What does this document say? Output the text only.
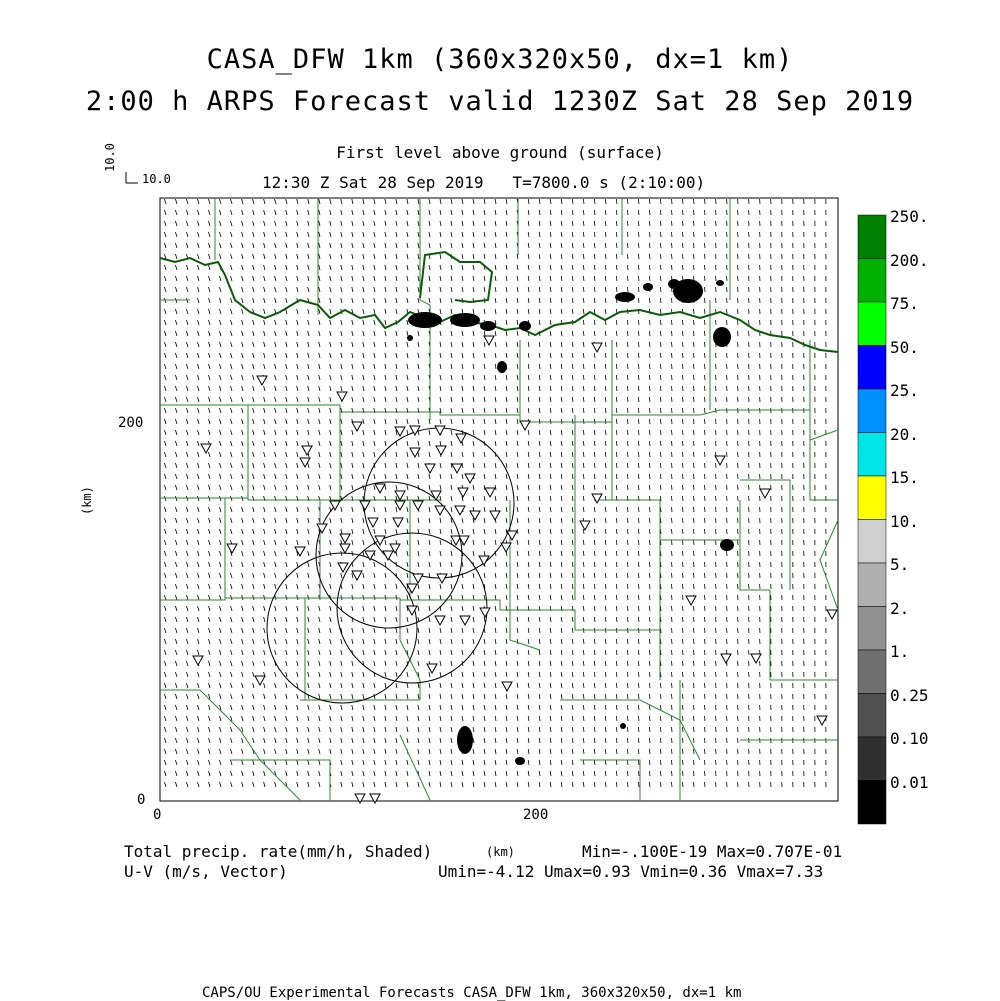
CASA_DFW 1km (360x320x50, dx=1 km)
2:00 h ARPS Forecast valid 1230Z Sat 28 Sep 2019
First level above ground (surface)
12:30 Z Sat 28 Sep 2019 T=7800.0 s (2:10:00)
10.0
10.0
200
0
0	200
(km)
(km)
250.
200.
75.
50.
25.
20.
15.
10.
5.
2.
1.
0.25
0.10
0.01
Total precip. rate(mm/h, Shaded)
U-V (m/s, Vector)
Min=-.100E-19 Max=0.707E-01
Umin=-4.12 Umax=0.93 Vmin=0.36 Vmax=7.33
CAPS/OU Experimental Forecasts CASA_DFW 1km, 360x320x50, dx=1 km
